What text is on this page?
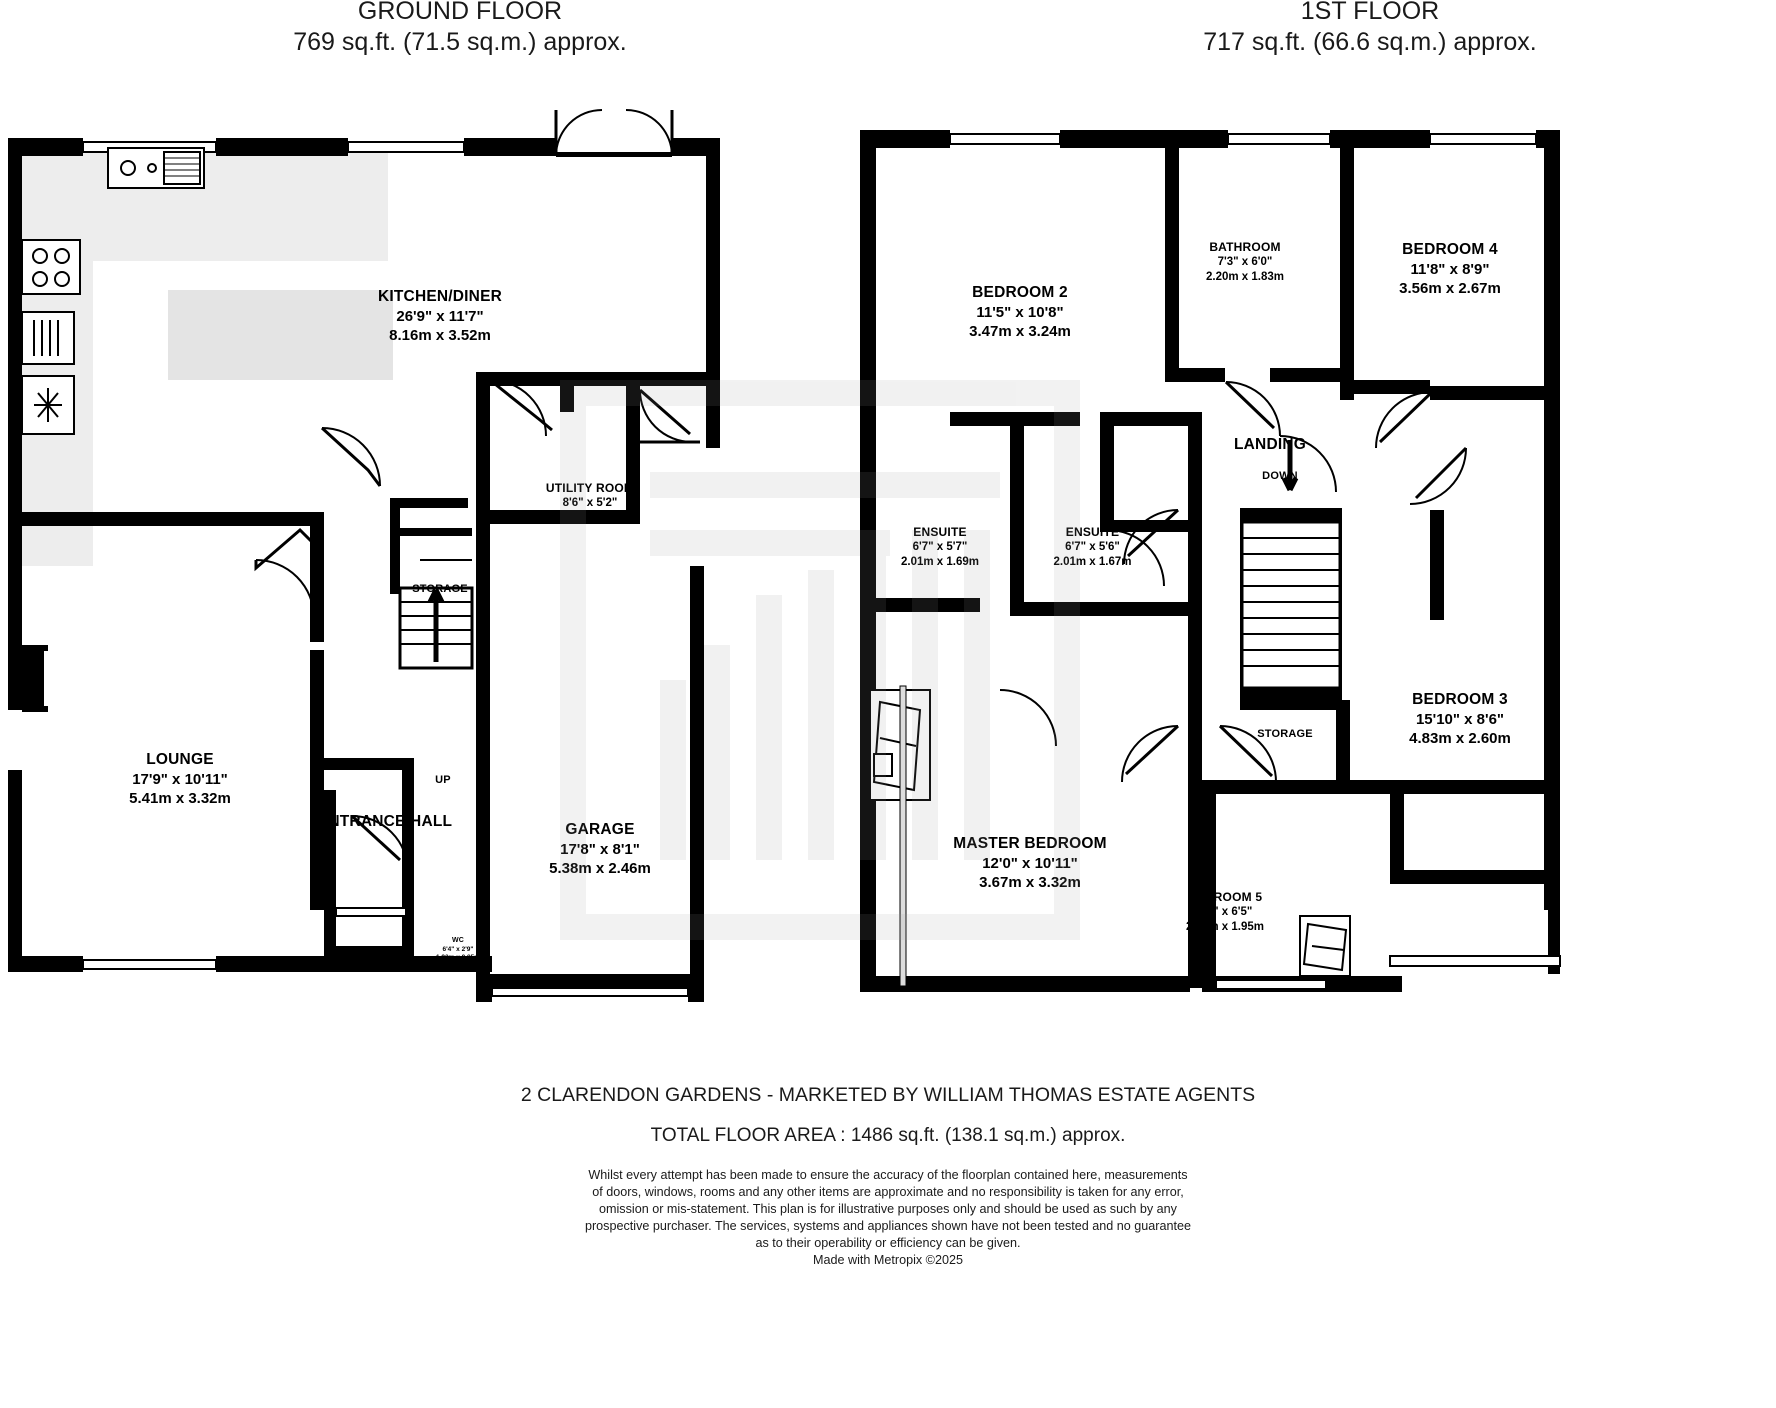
GROUND FLOOR
769 sq.ft. (71.5 sq.m.) approx.
1ST FLOOR
717 sq.ft. (66.6 sq.m.) approx.
KITCHEN/DINER
26'9" x 11'7"
8.16m x 3.52m
UTILITY ROOM
8'6" x 5'2"
2.60m x 1.58m
LOUNGE
17'9" x 10'11"
5.41m x 3.32m
GARAGE
17'8" x 8'1"
5.38m x 2.46m
WC
6'4" x 2'9"
1.92m x 0.85m
STORAGE
ENTRANCE HALL
UP
BEDROOM 2
11'5" x 10'8"
3.47m x 3.24m
BATHROOM
7'3" x 6'0"
2.20m x 1.83m
BEDROOM 4
11'8" x 8'9"
3.56m x 2.67m
ENSUITE
6'7" x 5'7"
2.01m x 1.69m
ENSUITE
6'7" x 5'6"
2.01m x 1.67m
LANDING
DOWN
BEDROOM 3
15'10" x 8'6"
4.83m x 2.60m
MASTER BEDROOM
12'0" x 10'11"
3.67m x 3.32m
BEDROOM 5
8'9" x 6'5"
2.66m x 1.95m
STORAGE
2 CLARENDON GARDENS - MARKETED BY WILLIAM THOMAS ESTATE AGENTS
TOTAL FLOOR AREA : 1486 sq.ft. (138.1 sq.m.) approx.
Whilst every attempt has been made to ensure the accuracy of the floorplan contained here, measurements
of doors, windows, rooms and any other items are approximate and no responsibility is taken for any error,
omission or mis-statement. This plan is for illustrative purposes only and should be used as such by any
prospective purchaser. The services, systems and appliances shown have not been tested and no guarantee
as to their operability or efficiency can be given.
Made with Metropix ©2025
